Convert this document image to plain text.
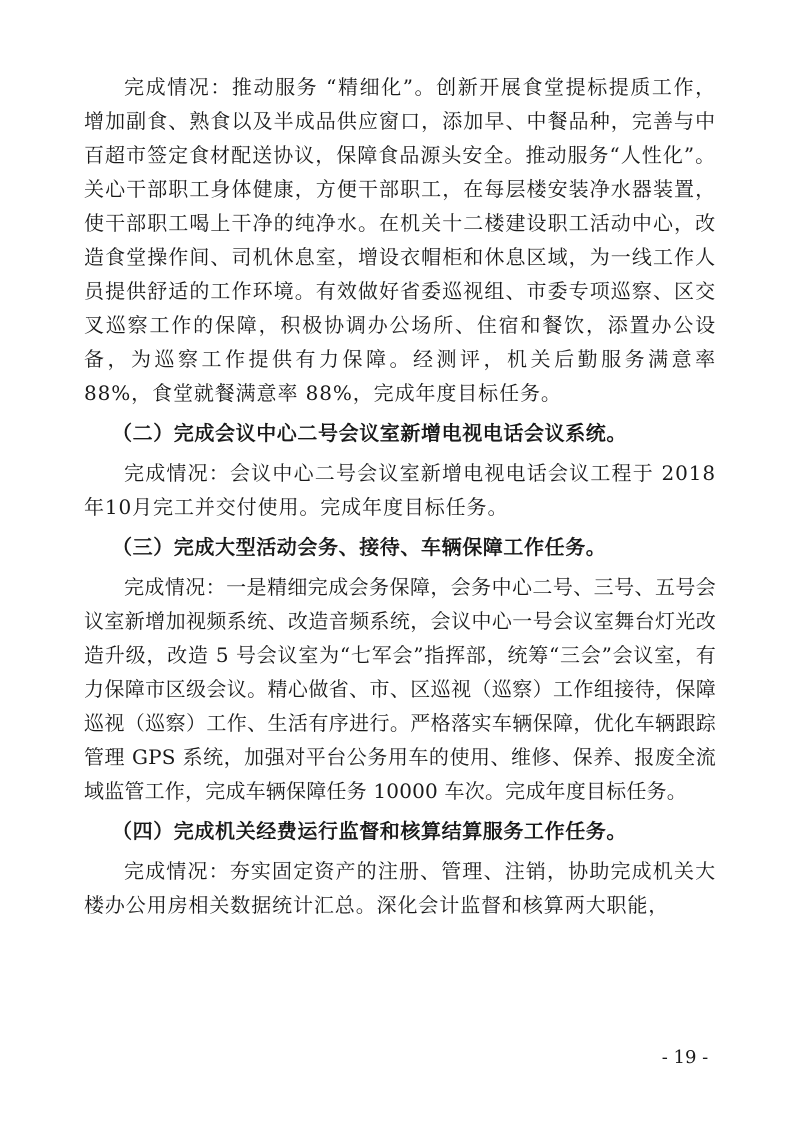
完成情况：推动服务 “精细化”。创新开展食堂提标提质工作，增加副食、熟食以及半成品供应窗口，添加早、中餐品种，完善与中百超市签定食材配送协议，保障食品源头安全。推动服务“人性化”。关心干部职工身体健康，方便干部职工，在每层楼安装净水器装置，使干部职工喝上干净的纯净水。在机关十二楼建设职工活动中心，改造食堂操作间、司机休息室，增设衣帽柜和休息区域，为一线工作人员提供舒适的工作环境。有效做好省委巡视组、市委专项巡察、区交叉巡察工作的保障，积极协调办公场所、住宿和餐饮，添置办公设备，为巡察工作提供有力保障。经测评，机关后勤服务满意率 88%，食堂就餐满意率 88%，完成年度目标任务。

（二）完成会议中心二号会议室新增电视电话会议系统。

完成情况：会议中心二号会议室新增电视电话会议工程于 2018 年10月完工并交付使用。完成年度目标任务。

（三）完成大型活动会务、接待、车辆保障工作任务。

完成情况：一是精细完成会务保障，会务中心二号、三号、五号会议室新增加视频系统、改造音频系统，会议中心一号会议室舞台灯光改造升级，改造 5 号会议室为“七军会”指挥部，统筹“三会”会议室，有力保障市区级会议。精心做省、市、区巡视（巡察）工作组接待，保障巡视（巡察）工作、生活有序进行。严格落实车辆保障，优化车辆跟踪管理 GPS 系统，加强对平台公务用车的使用、维修、保养、报废全流域监管工作，完成车辆保障任务 10000 车次。完成年度目标任务。

（四）完成机关经费运行监督和核算结算服务工作任务。

完成情况：夯实固定资产的注册、管理、注销，协助完成机关大楼办公用房相关数据统计汇总。深化会计监督和核算两大职能，

- 19 -
